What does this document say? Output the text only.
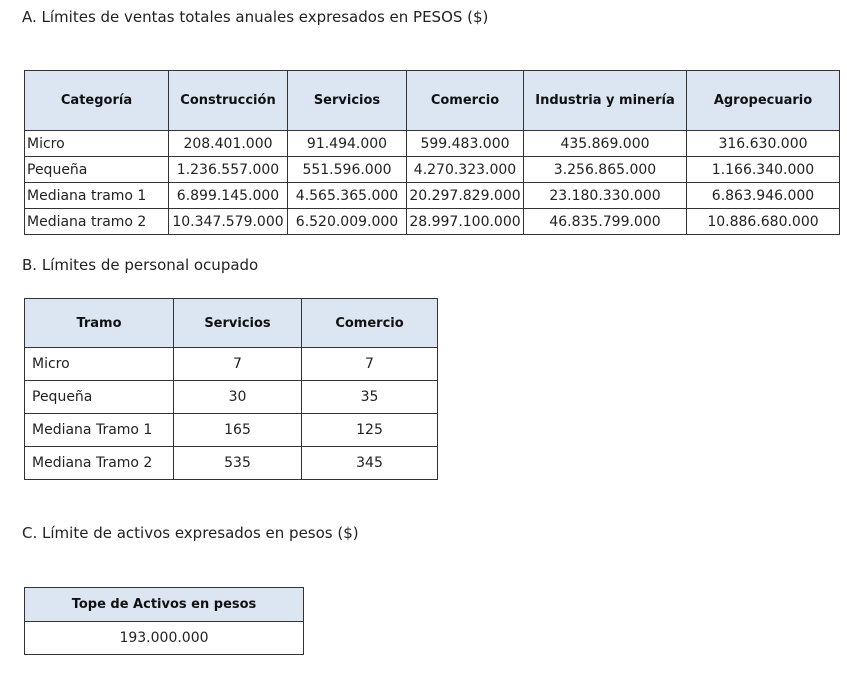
A. Límites de ventas totales anuales expresados en PESOS ($)
Categoría	Construcción	Servicios	Comercio	Industria y minería	Agropecuario
Micro	208.401.000	91.494.000	599.483.000	435.869.000	316.630.000
Pequeña	1.236.557.000	551.596.000	4.270.323.000	3.256.865.000	1.166.340.000
Mediana tramo 1	6.899.145.000	4.565.365.000	20.297.829.000	23.180.330.000	6.863.946.000
Mediana tramo 2	10.347.579.000	6.520.009.000	28.997.100.000	46.835.799.000	10.886.680.000
B. Límites de personal ocupado
Tramo	Servicios	Comercio
Micro	7	7
Pequeña	30	35
Mediana Tramo 1	165	125
Mediana Tramo 2	535	345
C. Límite de activos expresados en pesos ($)
Tope de Activos en pesos
193.000.000
